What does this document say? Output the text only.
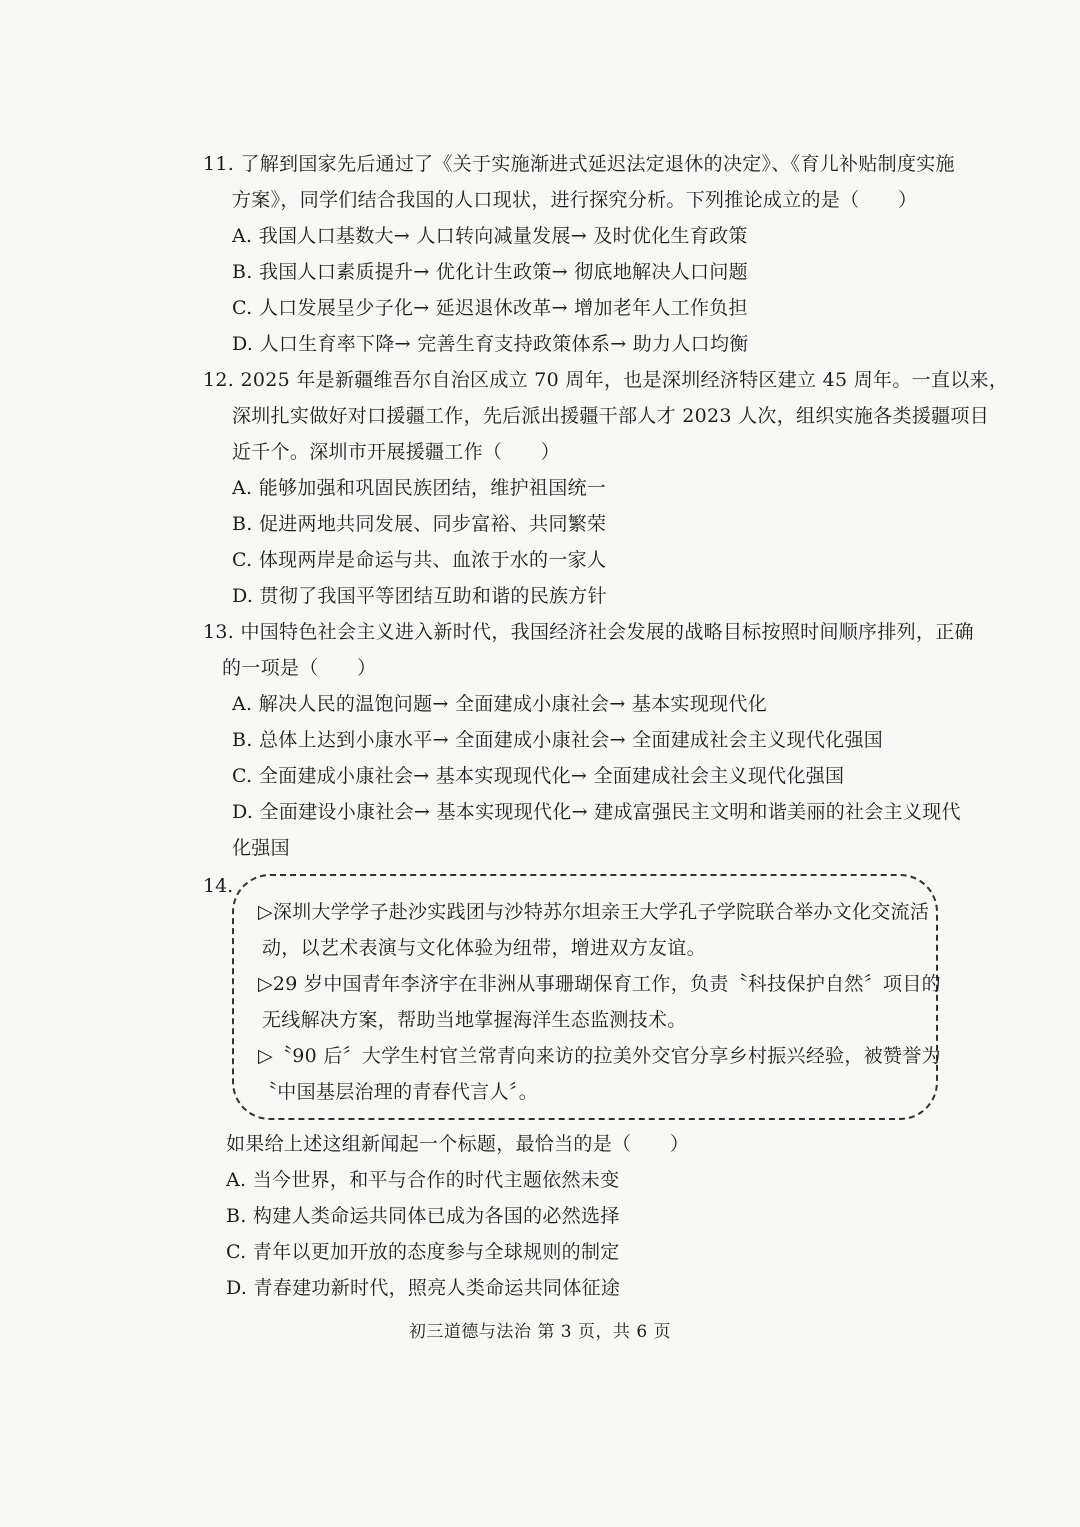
11. 了解到国家先后通过了《关于实施渐进式延迟法定退休的决定》、《育儿补贴制度实施
方案》，同学们结合我国的人口现状，进行探究分析。下列推论成立的是（　　）
A. 我国人口基数大→ 人口转向减量发展→ 及时优化生育政策
B. 我国人口素质提升→ 优化计生政策→ 彻底地解决人口问题
C. 人口发展呈少子化→ 延迟退休改革→ 增加老年人工作负担
D. 人口生育率下降→ 完善生育支持政策体系→ 助力人口均衡
12. 2025 年是新疆维吾尔自治区成立 70 周年，也是深圳经济特区建立 45 周年。一直以来，
深圳扎实做好对口援疆工作，先后派出援疆干部人才 2023 人次，组织实施各类援疆项目
近千个。深圳市开展援疆工作（　　）
A. 能够加强和巩固民族团结，维护祖国统一
B. 促进两地共同发展、同步富裕、共同繁荣
C. 体现两岸是命运与共、血浓于水的一家人
D. 贯彻了我国平等团结互助和谐的民族方针
13. 中国特色社会主义进入新时代，我国经济社会发展的战略目标按照时间顺序排列，正确
的一项是（　　）
A. 解决人民的温饱问题→ 全面建成小康社会→ 基本实现现代化
B. 总体上达到小康水平→ 全面建成小康社会→ 全面建成社会主义现代化强国
C. 全面建成小康社会→ 基本实现现代化→ 全面建成社会主义现代化强国
D. 全面建设小康社会→ 基本实现现代化→ 建成富强民主文明和谐美丽的社会主义现代
化强国
14.
▷深圳大学学子赴沙实践团与沙特苏尔坦亲王大学孔子学院联合举办文化交流活
动，以艺术表演与文化体验为纽带，增进双方友谊。
▷29 岁中国青年李济宇在非洲从事珊瑚保育工作，负责〝科技保护自然〞项目的
无线解决方案，帮助当地掌握海洋生态监测技术。
▷〝90 后〞大学生村官兰常青向来访的拉美外交官分享乡村振兴经验，被赞誉为
〝中国基层治理的青春代言人〞。
如果给上述这组新闻起一个标题，最恰当的是（　　）
A. 当今世界，和平与合作的时代主题依然未变
B. 构建人类命运共同体已成为各国的必然选择
C. 青年以更加开放的态度参与全球规则的制定
D. 青春建功新时代，照亮人类命运共同体征途
初三道德与法治 第 3 页，共 6 页
